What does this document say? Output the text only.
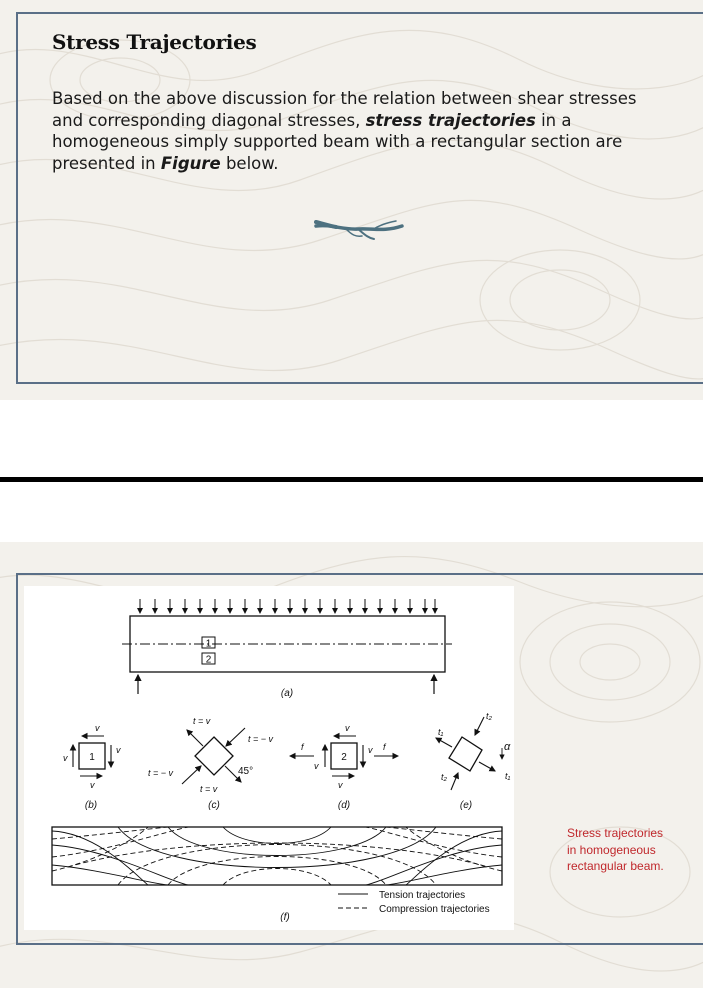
Stress Trajectories

Based on the above discussion for the relation between shear stresses and corresponding diagonal stresses, stress trajectories in a homogeneous simply supported beam with a rectangular section are presented in Figure below.

1
2
(a)
1
v
v
v
v
(b)
t = v
t = − v
t = − v
t = v
45°
(c)
2
v
v
v
v
f	f
(d)
t₁
t₂
t₂	t₁
α
(e)
Tension trajectories
Compression trajectories
(f)

Stress trajectories in homogeneous rectangular beam.
